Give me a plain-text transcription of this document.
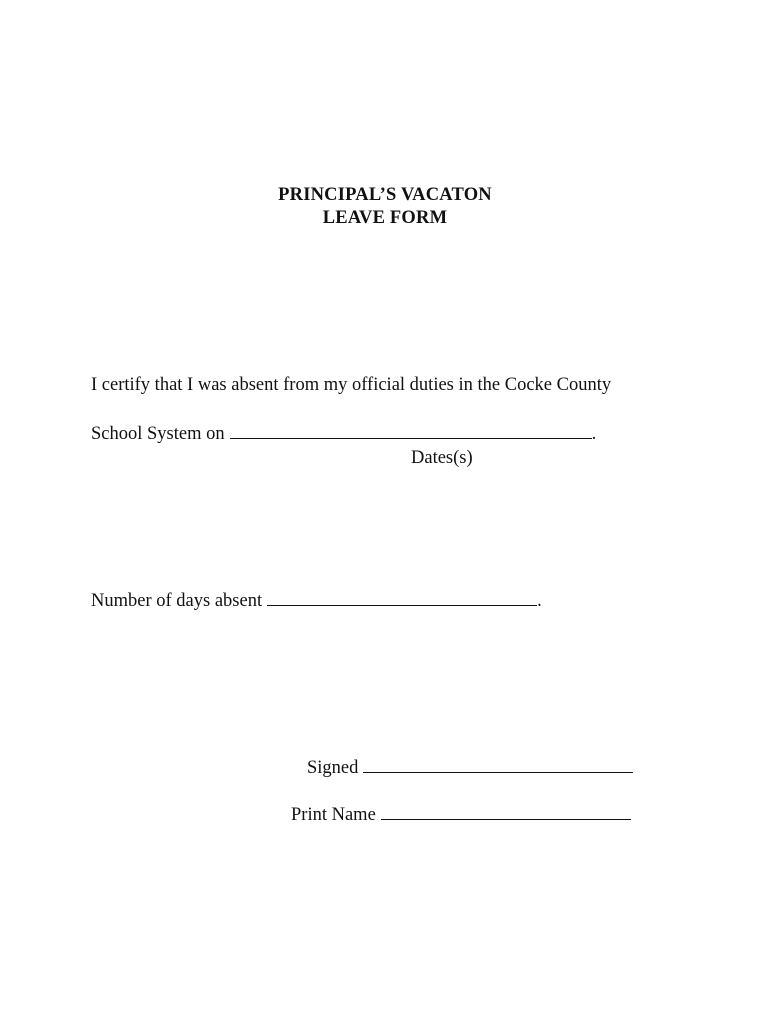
PRINCIPAL’S VACATON
LEAVE FORM
I certify that I was absent from my official duties in the Cocke County
School System on	.
Dates(s)
Number of days absent	.
Signed
Print Name
